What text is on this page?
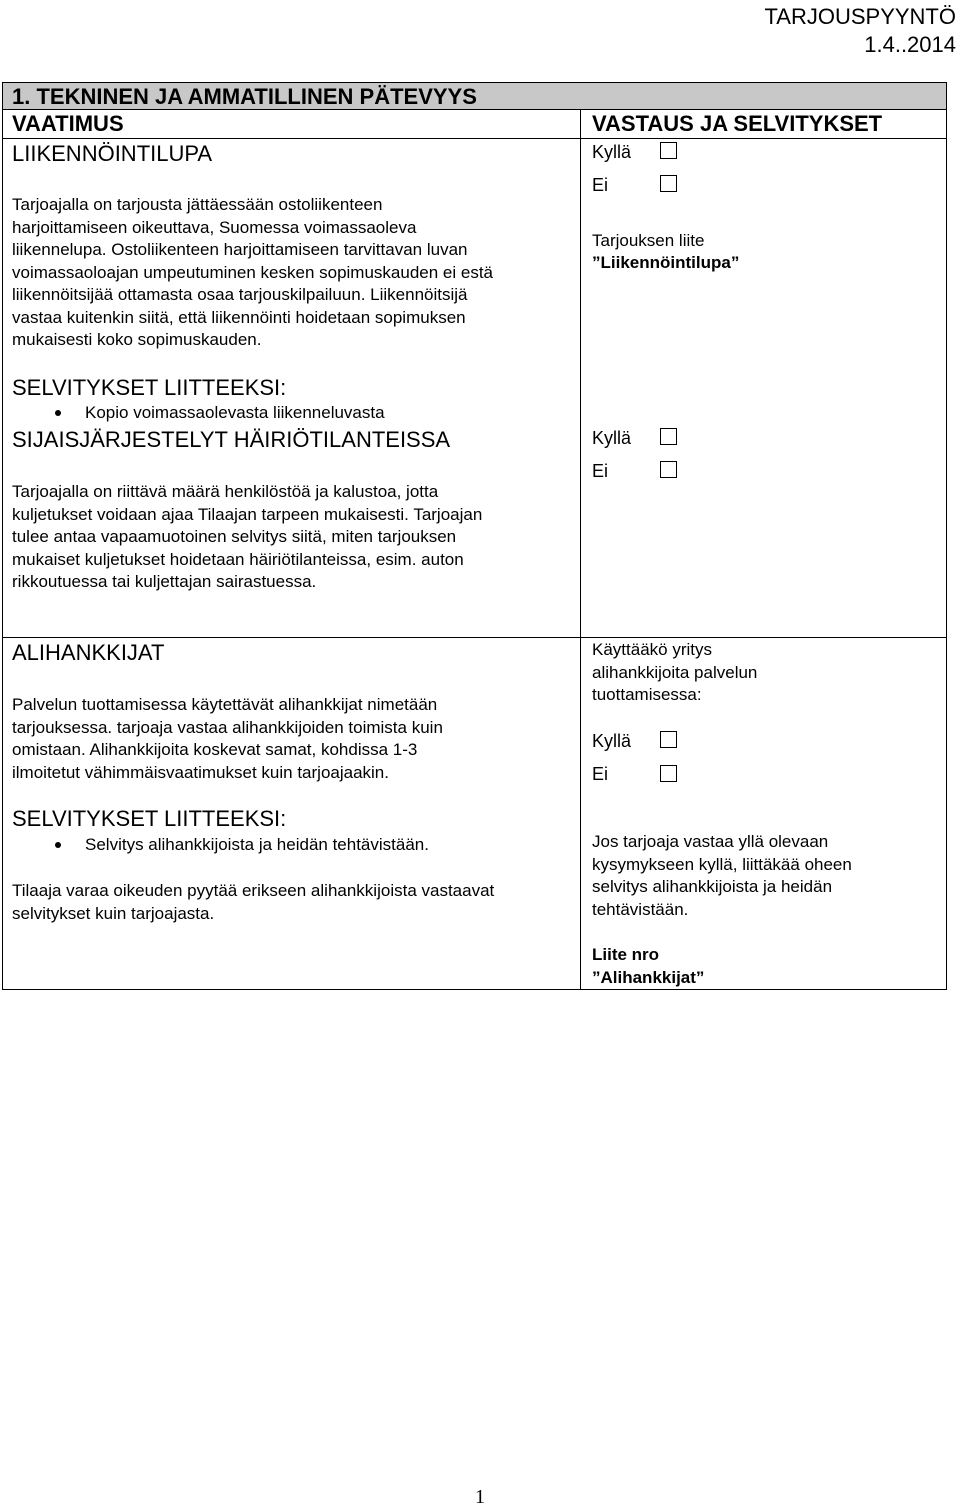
TARJOUSPYYNTÖ
1.4..2014
1. TEKNINEN JA AMMATILLINEN PÄTEVYYS
VAATIMUS	VASTAUS JA SELVITYKSET
LIIKENNÖINTILUPA
Tarjoajalla on tarjousta jättäessään ostoliikenteen
harjoittamiseen oikeuttava, Suomessa voimassaoleva
liikennelupa. Ostoliikenteen harjoittamiseen tarvittavan luvan
voimassaoloajan umpeutuminen kesken sopimuskauden ei estä
liikennöitsijää ottamasta osaa tarjouskilpailuun. Liikennöitsijä
vastaa kuitenkin siitä, että liikennöinti hoidetaan sopimuksen
mukaisesti koko sopimuskauden.
SELVITYKSET LIITTEEKSI:
Kopio voimassaolevasta liikenneluvasta
Kyllä
Ei
Tarjouksen liite
”Liikennöintilupa”
SIJAISJÄRJESTELYT HÄIRIÖTILANTEISSA
Tarjoajalla on riittävä määrä henkilöstöä ja kalustoa, jotta
kuljetukset voidaan ajaa Tilaajan tarpeen mukaisesti. Tarjoajan
tulee antaa vapaamuotoinen selvitys siitä, miten tarjouksen
mukaiset kuljetukset hoidetaan häiriötilanteissa, esim. auton
rikkoutuessa tai kuljettajan sairastuessa.
Kyllä
Ei
ALIHANKKIJAT
Palvelun tuottamisessa käytettävät alihankkijat nimetään
tarjouksessa. tarjoaja vastaa alihankkijoiden toimista kuin
omistaan. Alihankkijoita koskevat samat, kohdissa 1-3
ilmoitetut vähimmäisvaatimukset kuin tarjoajaakin.
SELVITYKSET LIITTEEKSI:
Selvitys alihankkijoista ja heidän tehtävistään.
Tilaaja varaa oikeuden pyytää erikseen alihankkijoista vastaavat
selvitykset kuin tarjoajasta.
Käyttääkö yritys
alihankkijoita palvelun
tuottamisessa:
Kyllä
Ei
Jos tarjoaja vastaa yllä olevaan
kysymykseen kyllä, liittäkää oheen
selvitys alihankkijoista ja heidän
tehtävistään.
Liite nro
”Alihankkijat”
1
